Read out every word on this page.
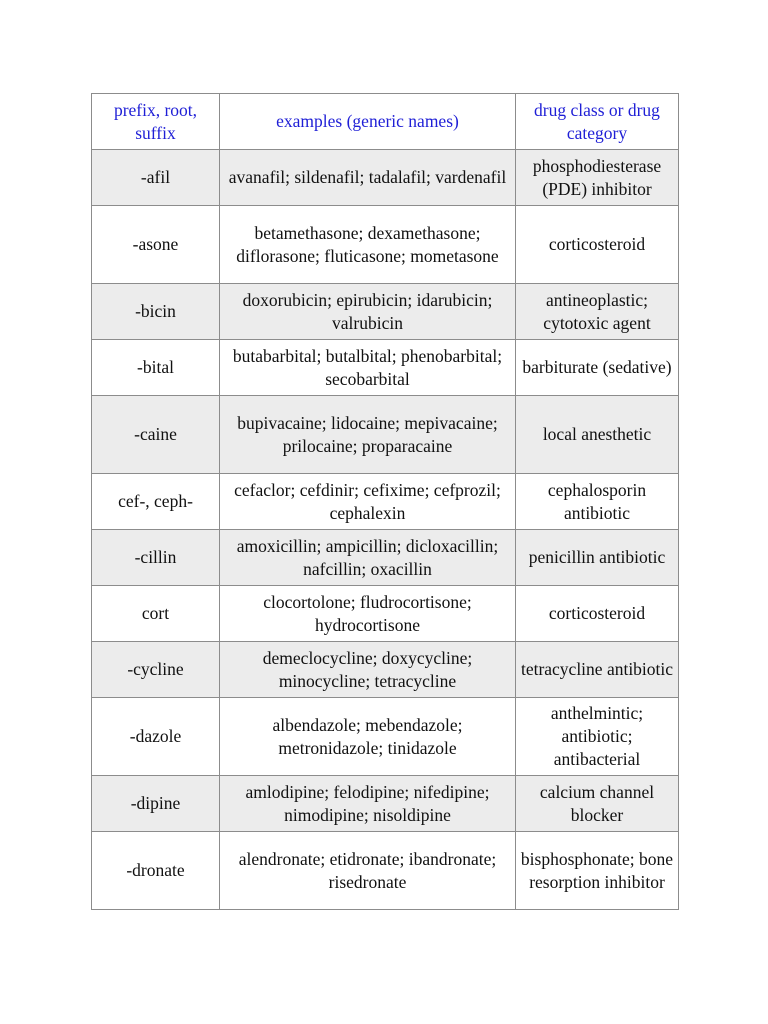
prefix, root, suffix	examples (generic names)	drug class or drug category
-afil	avanafil; sildenafil; tadalafil; vardenafil	phosphodiesterase (PDE) inhibitor
-asone	betamethasone; dexamethasone; diflorasone; fluticasone; mometasone	corticosteroid
-bicin	doxorubicin; epirubicin; idarubicin; valrubicin	antineoplastic; cytotoxic agent
-bital	butabarbital; butalbital; phenobarbital; secobarbital	barbiturate (sedative)
-caine	bupivacaine; lidocaine; mepivacaine; prilocaine; proparacaine	local anesthetic
cef-, ceph-	cefaclor; cefdinir; cefixime; cefprozil; cephalexin	cephalosporin antibiotic
-cillin	amoxicillin; ampicillin; dicloxacillin; nafcillin; oxacillin	penicillin antibiotic
cort	clocortolone; fludrocortisone; hydrocortisone	corticosteroid
-cycline	demeclocycline; doxycycline; minocycline; tetracycline	tetracycline antibiotic
-dazole	albendazole; mebendazole; metronidazole; tinidazole	anthelmintic; antibiotic; antibacterial
-dipine	amlodipine; felodipine; nifedipine; nimodipine; nisoldipine	calcium channel blocker
-dronate	alendronate; etidronate; ibandronate; risedronate	bisphosphonate; bone resorption inhibitor
